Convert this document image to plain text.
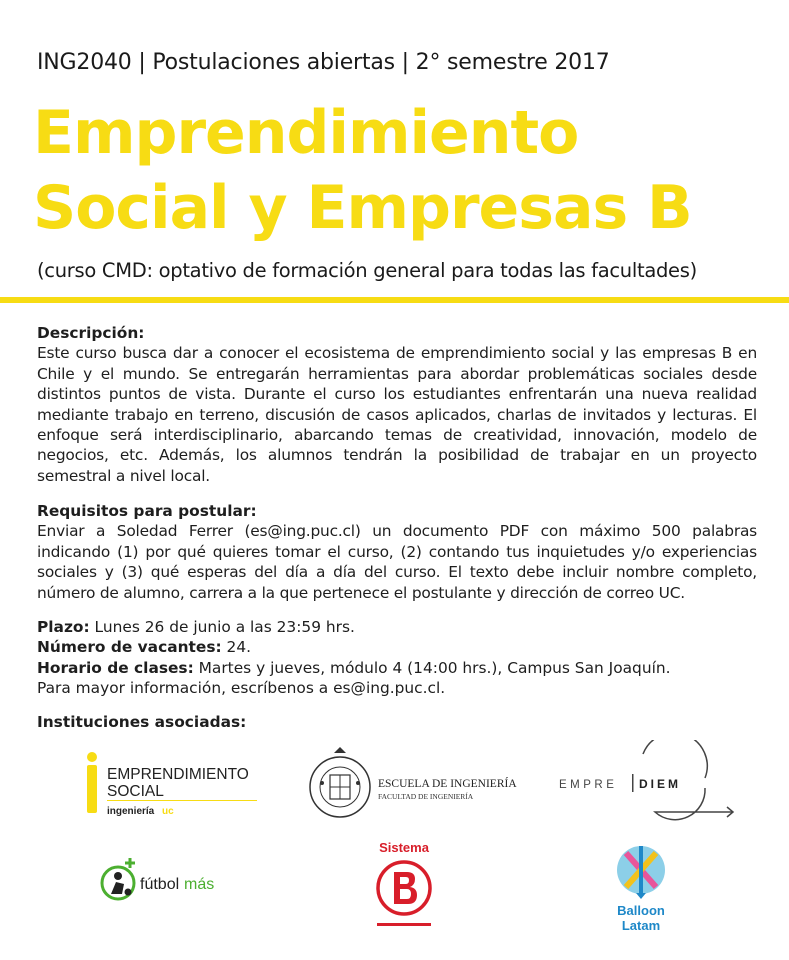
ING2040 | Postulaciones abiertas | 2° semestre 2017
Emprendimiento
Social y Empresas B
(curso CMD: optativo de formación general para todas las facultades)
Descripción:
Este curso busca dar a conocer el ecosistema de emprendimiento social y las empresas B en Chile y el mundo. Se entregarán herramientas para abordar problemáticas sociales desde distintos puntos de vista. Durante el curso los estudiantes enfrentarán una nueva realidad mediante trabajo en terreno, discusión de casos aplicados, charlas de invitados y lecturas. El enfoque será interdisciplinario, abarcando temas de creatividad, innovación, modelo de negocios, etc. Además, los alumnos tendrán la posibilidad de trabajar en un proyecto semestral a nivel local.
Requisitos para postular:
Enviar a Soledad Ferrer (es@ing.puc.cl) un documento PDF con máximo 500 palabras indicando (1) por qué quieres tomar el curso, (2) contando tus inquietudes y/o experiencias sociales y (3) qué esperas del día a día del curso. El texto debe incluir nombre completo, número de alumno, carrera a la que pertenece el postulante y dirección de correo UC.
Plazo: Lunes 26 de junio a las 23:59 hrs.
Número de vacantes: 24.
Horario de clases: Martes y jueves, módulo 4 (14:00 hrs.), Campus San Joaquín.
Para mayor información, escríbenos a es@ing.puc.cl.
Instituciones asociadas:
EMPRENDIMIENTO
SOCIAL
ingeniería uc
ESCUELA DE INGENIERÍA
FACULTAD DE INGENIERÍA
EMPRE DIEM
fútbol más
Sistema
Balloon
Latam
